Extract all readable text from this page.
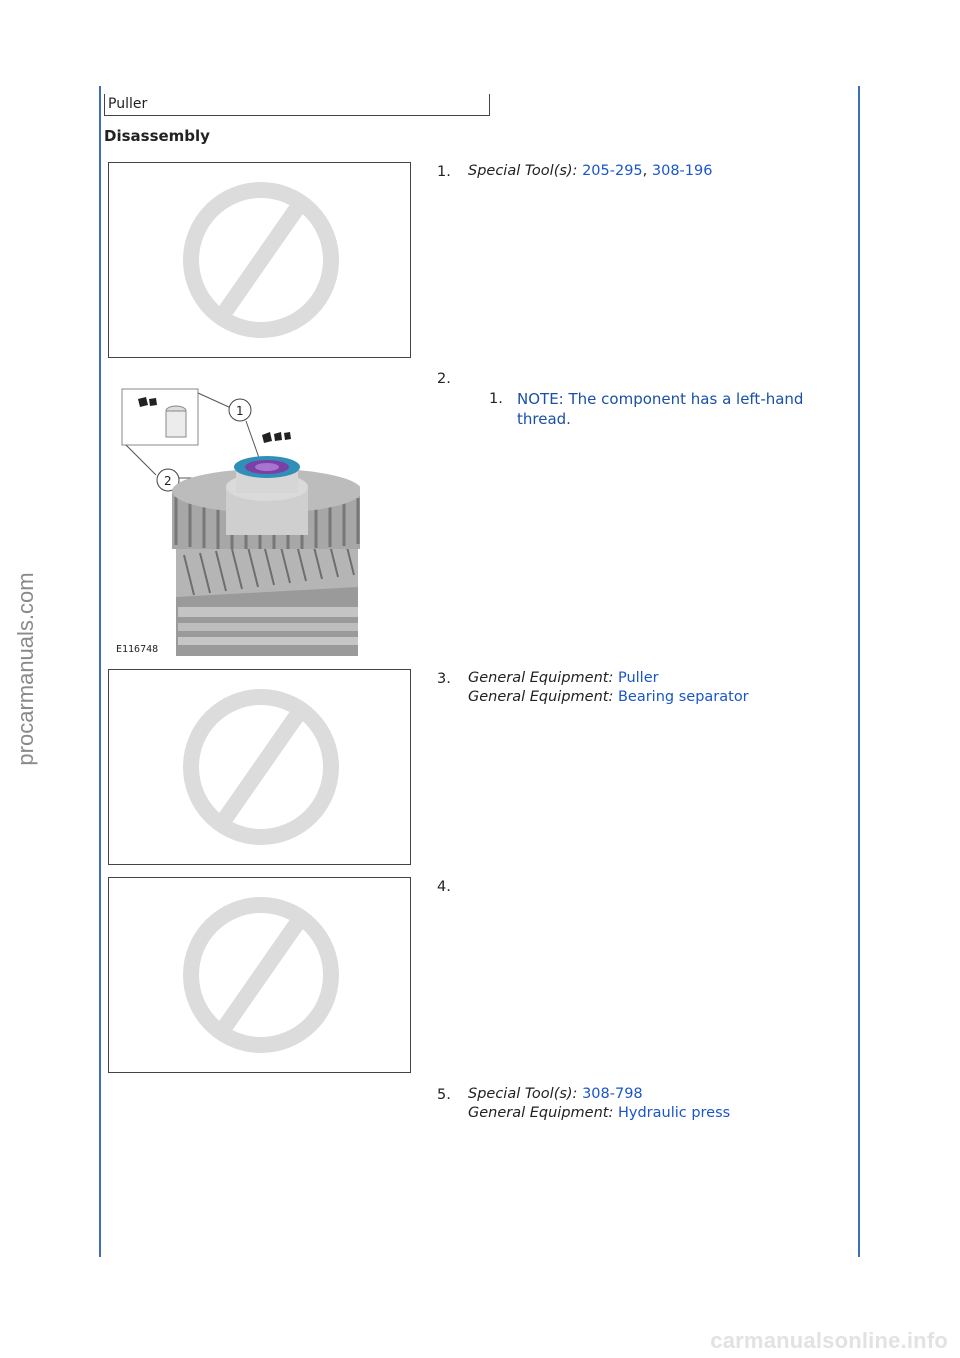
Puller
Disassembly
1
2
E116748
1. Special Tool(s): 205-295, 308-196
2.
1. NOTE: The component has a left-hand thread.
3. General Equipment: Puller
General Equipment: Bearing separator
4.
5. Special Tool(s): 308-798
General Equipment: Hydraulic press
procarmanuals.com
carmanualsonline.info
